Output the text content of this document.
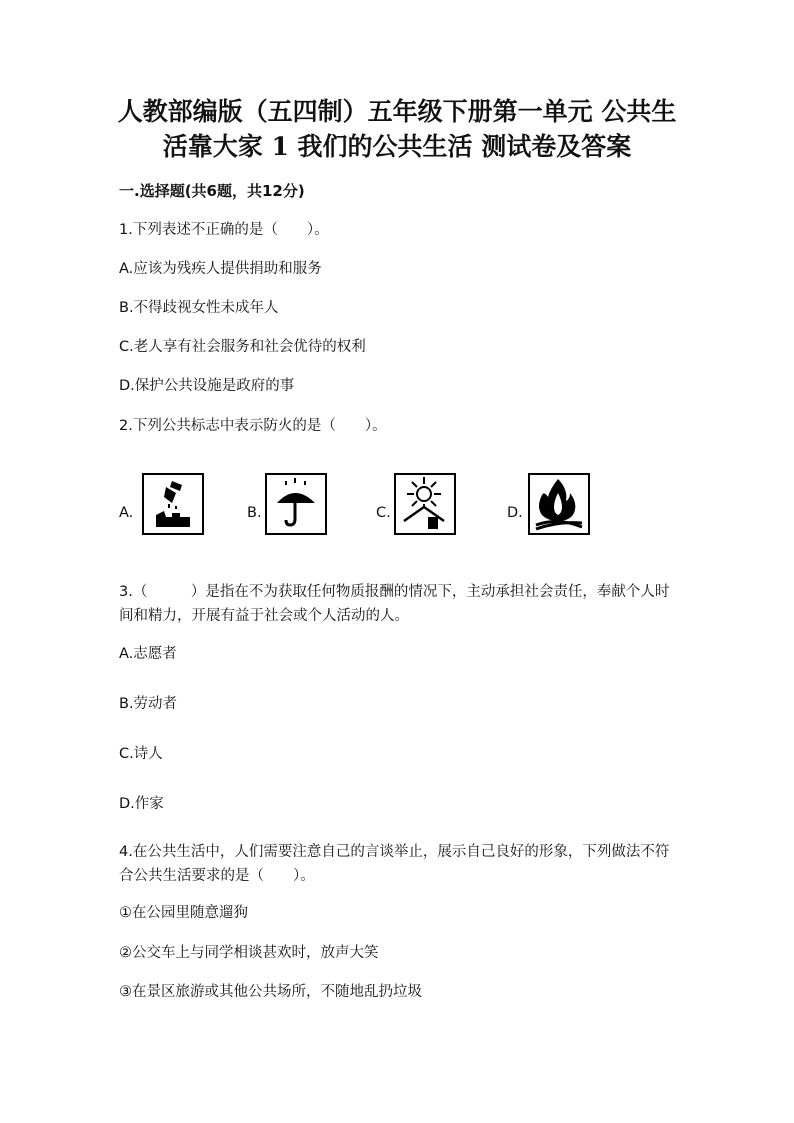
人教部编版（五四制）五年级下册第一单元 公共生
活靠大家 1 我们的公共生活 测试卷及答案
一.选择题(共6题，共12分)
1.下列表述不正确的是（　　）。
A.应该为残疾人提供捐助和服务
B.不得歧视女性未成年人
C.老人享有社会服务和社会优待的权利
D.保护公共设施是政府的事
2.下列公共标志中表示防火的是（　　）。
A.	B.	C.	D.
3.（　　　）是指在不为获取任何物质报酬的情况下，主动承担社会责任，奉献个人时间和精力，开展有益于社会或个人活动的人。
A.志愿者
B.劳动者
C.诗人
D.作家
4.在公共生活中，人们需要注意自己的言谈举止，展示自己良好的形象，下列做法不符合公共生活要求的是（　　）。
①在公园里随意遛狗
②公交车上与同学相谈甚欢时，放声大笑
③在景区旅游或其他公共场所，不随地乱扔垃圾
